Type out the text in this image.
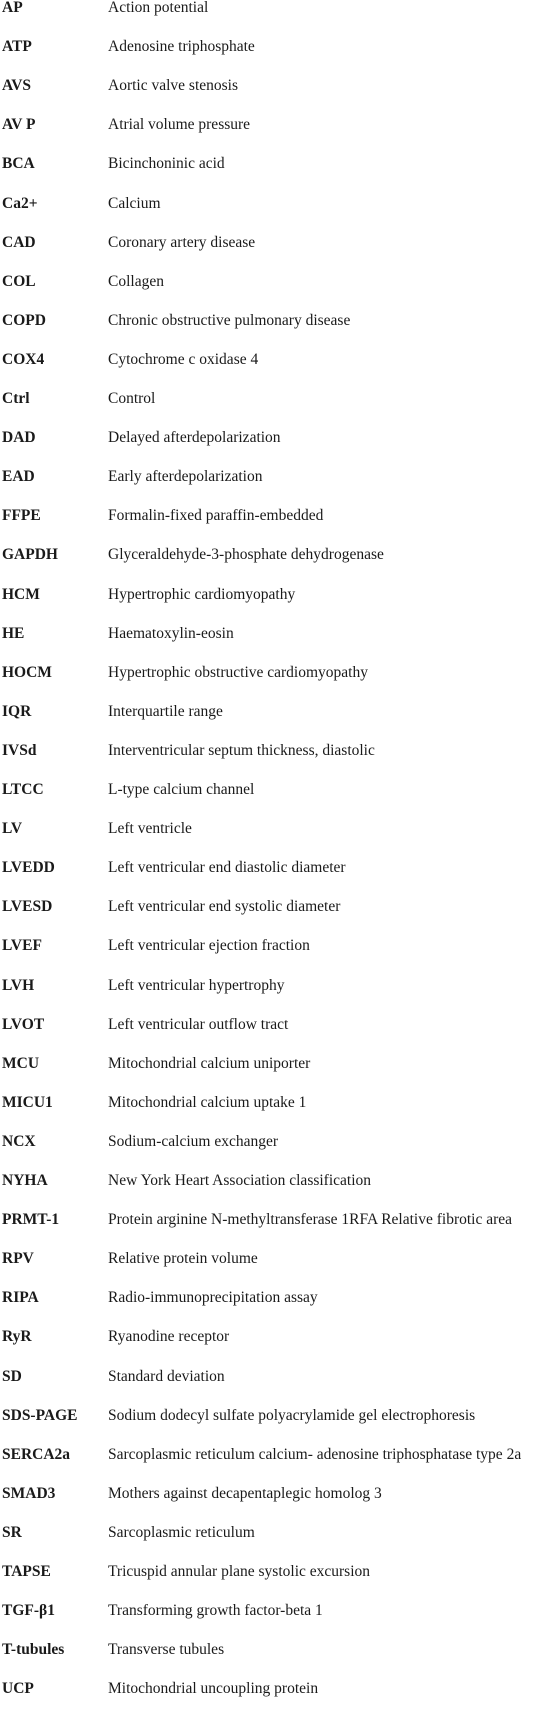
AP	Action potential
ATP	Adenosine triphosphate
AVS	Aortic valve stenosis
AV P	Atrial volume pressure
BCA	Bicinchoninic acid
Ca2+	Calcium
CAD	Coronary artery disease
COL	Collagen
COPD	Chronic obstructive pulmonary disease
COX4	Cytochrome c oxidase 4
Ctrl	Control
DAD	Delayed afterdepolarization
EAD	Early afterdepolarization
FFPE	Formalin-fixed paraffin-embedded
GAPDH	Glyceraldehyde-3-phosphate dehydrogenase
HCM	Hypertrophic cardiomyopathy
HE	Haematoxylin-eosin
HOCM	Hypertrophic obstructive cardiomyopathy
IQR	Interquartile range
IVSd	Interventricular septum thickness, diastolic
LTCC	L-type calcium channel
LV	Left ventricle
LVEDD	Left ventricular end diastolic diameter
LVESD	Left ventricular end systolic diameter
LVEF	Left ventricular ejection fraction
LVH	Left ventricular hypertrophy
LVOT	Left ventricular outflow tract
MCU	Mitochondrial calcium uniporter
MICU1	Mitochondrial calcium uptake 1
NCX	Sodium-calcium exchanger
NYHA	New York Heart Association classification
PRMT-1	Protein arginine N-methyltransferase 1RFA Relative fibrotic area
RPV	Relative protein volume
RIPA	Radio-immunoprecipitation assay
RyR	Ryanodine receptor
SD	Standard deviation
SDS-PAGE Sodium dodecyl sulfate polyacrylamide gel electrophoresis
SERCA2a Sarcoplasmic reticulum calcium- adenosine triphosphatase type 2a
SMAD3	Mothers against decapentaplegic homolog 3
SR	Sarcoplasmic reticulum
TAPSE	Tricuspid annular plane systolic excursion
TGF-β1	Transforming growth factor-beta 1
T-tubules	Transverse tubules
UCP	Mitochondrial uncoupling protein
